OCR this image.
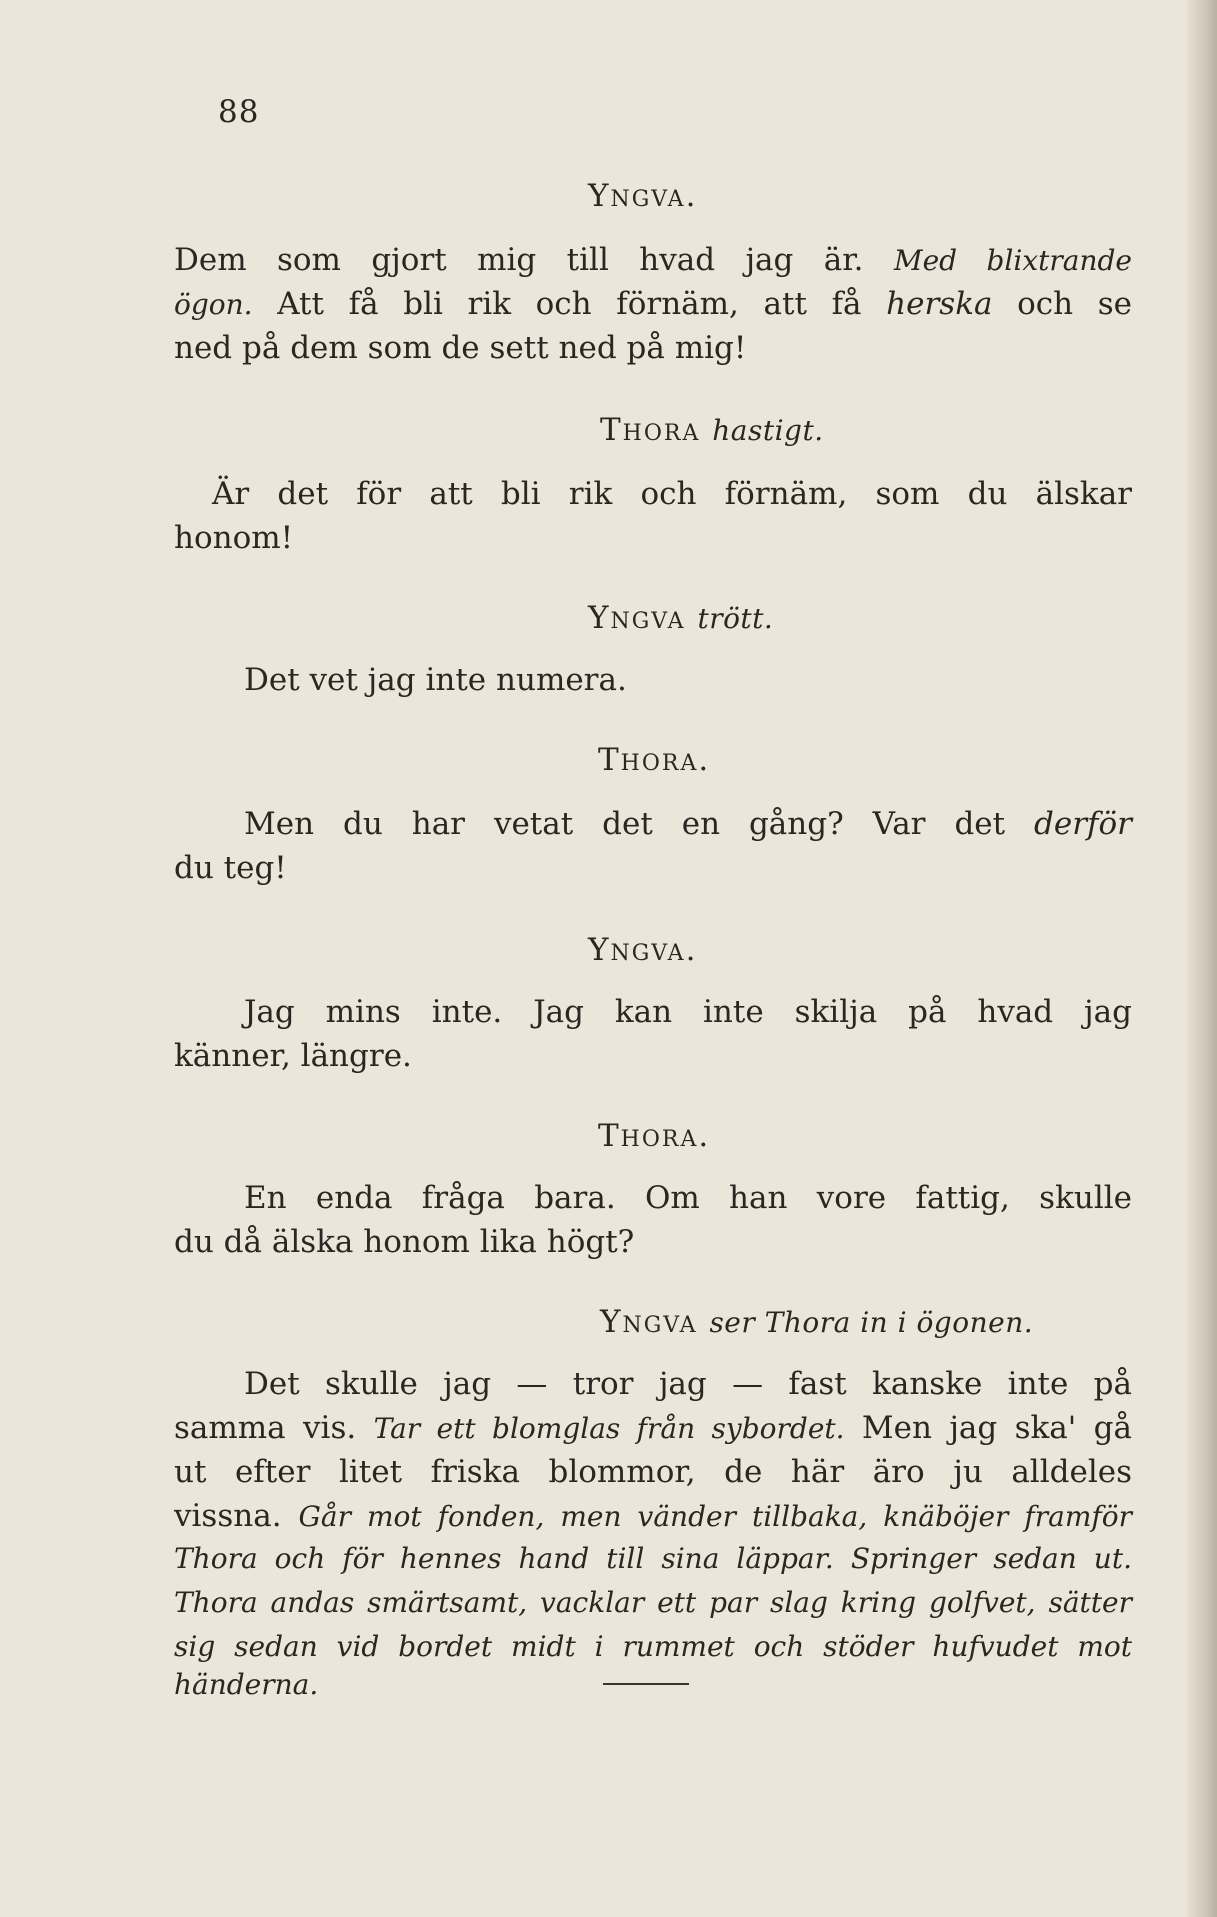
88
Yngva.
Dem som gjort mig till hvad jag är. Med blixtrande
ögon. Att få bli rik och förnäm, att få herska och se
ned på dem som de sett ned på mig!
Thora hastigt.
Är det för att bli rik och förnäm, som du älskar
honom!
Yngva trött.
Det vet jag inte numera.
Thora.
Men du har vetat det en gång? Var det derför
du teg!
Yngva.
Jag mins inte. Jag kan inte skilja på hvad jag
känner, längre.
Thora.
En enda fråga bara. Om han vore fattig, skulle
du då älska honom lika högt?
Yngva ser Thora in i ögonen.
Det skulle jag — tror jag — fast kanske inte på
samma vis. Tar ett blomglas från sybordet. Men jag ska' gå
ut efter litet friska blommor, de här äro ju alldeles
vissna. Går mot fonden, men vänder tillbaka, knäböjer framför
Thora och för hennes hand till sina läppar. Springer sedan ut.
Thora andas smärtsamt, vacklar ett par slag kring golfvet, sätter
sig sedan vid bordet midt i rummet och stöder hufvudet mot
händerna.
